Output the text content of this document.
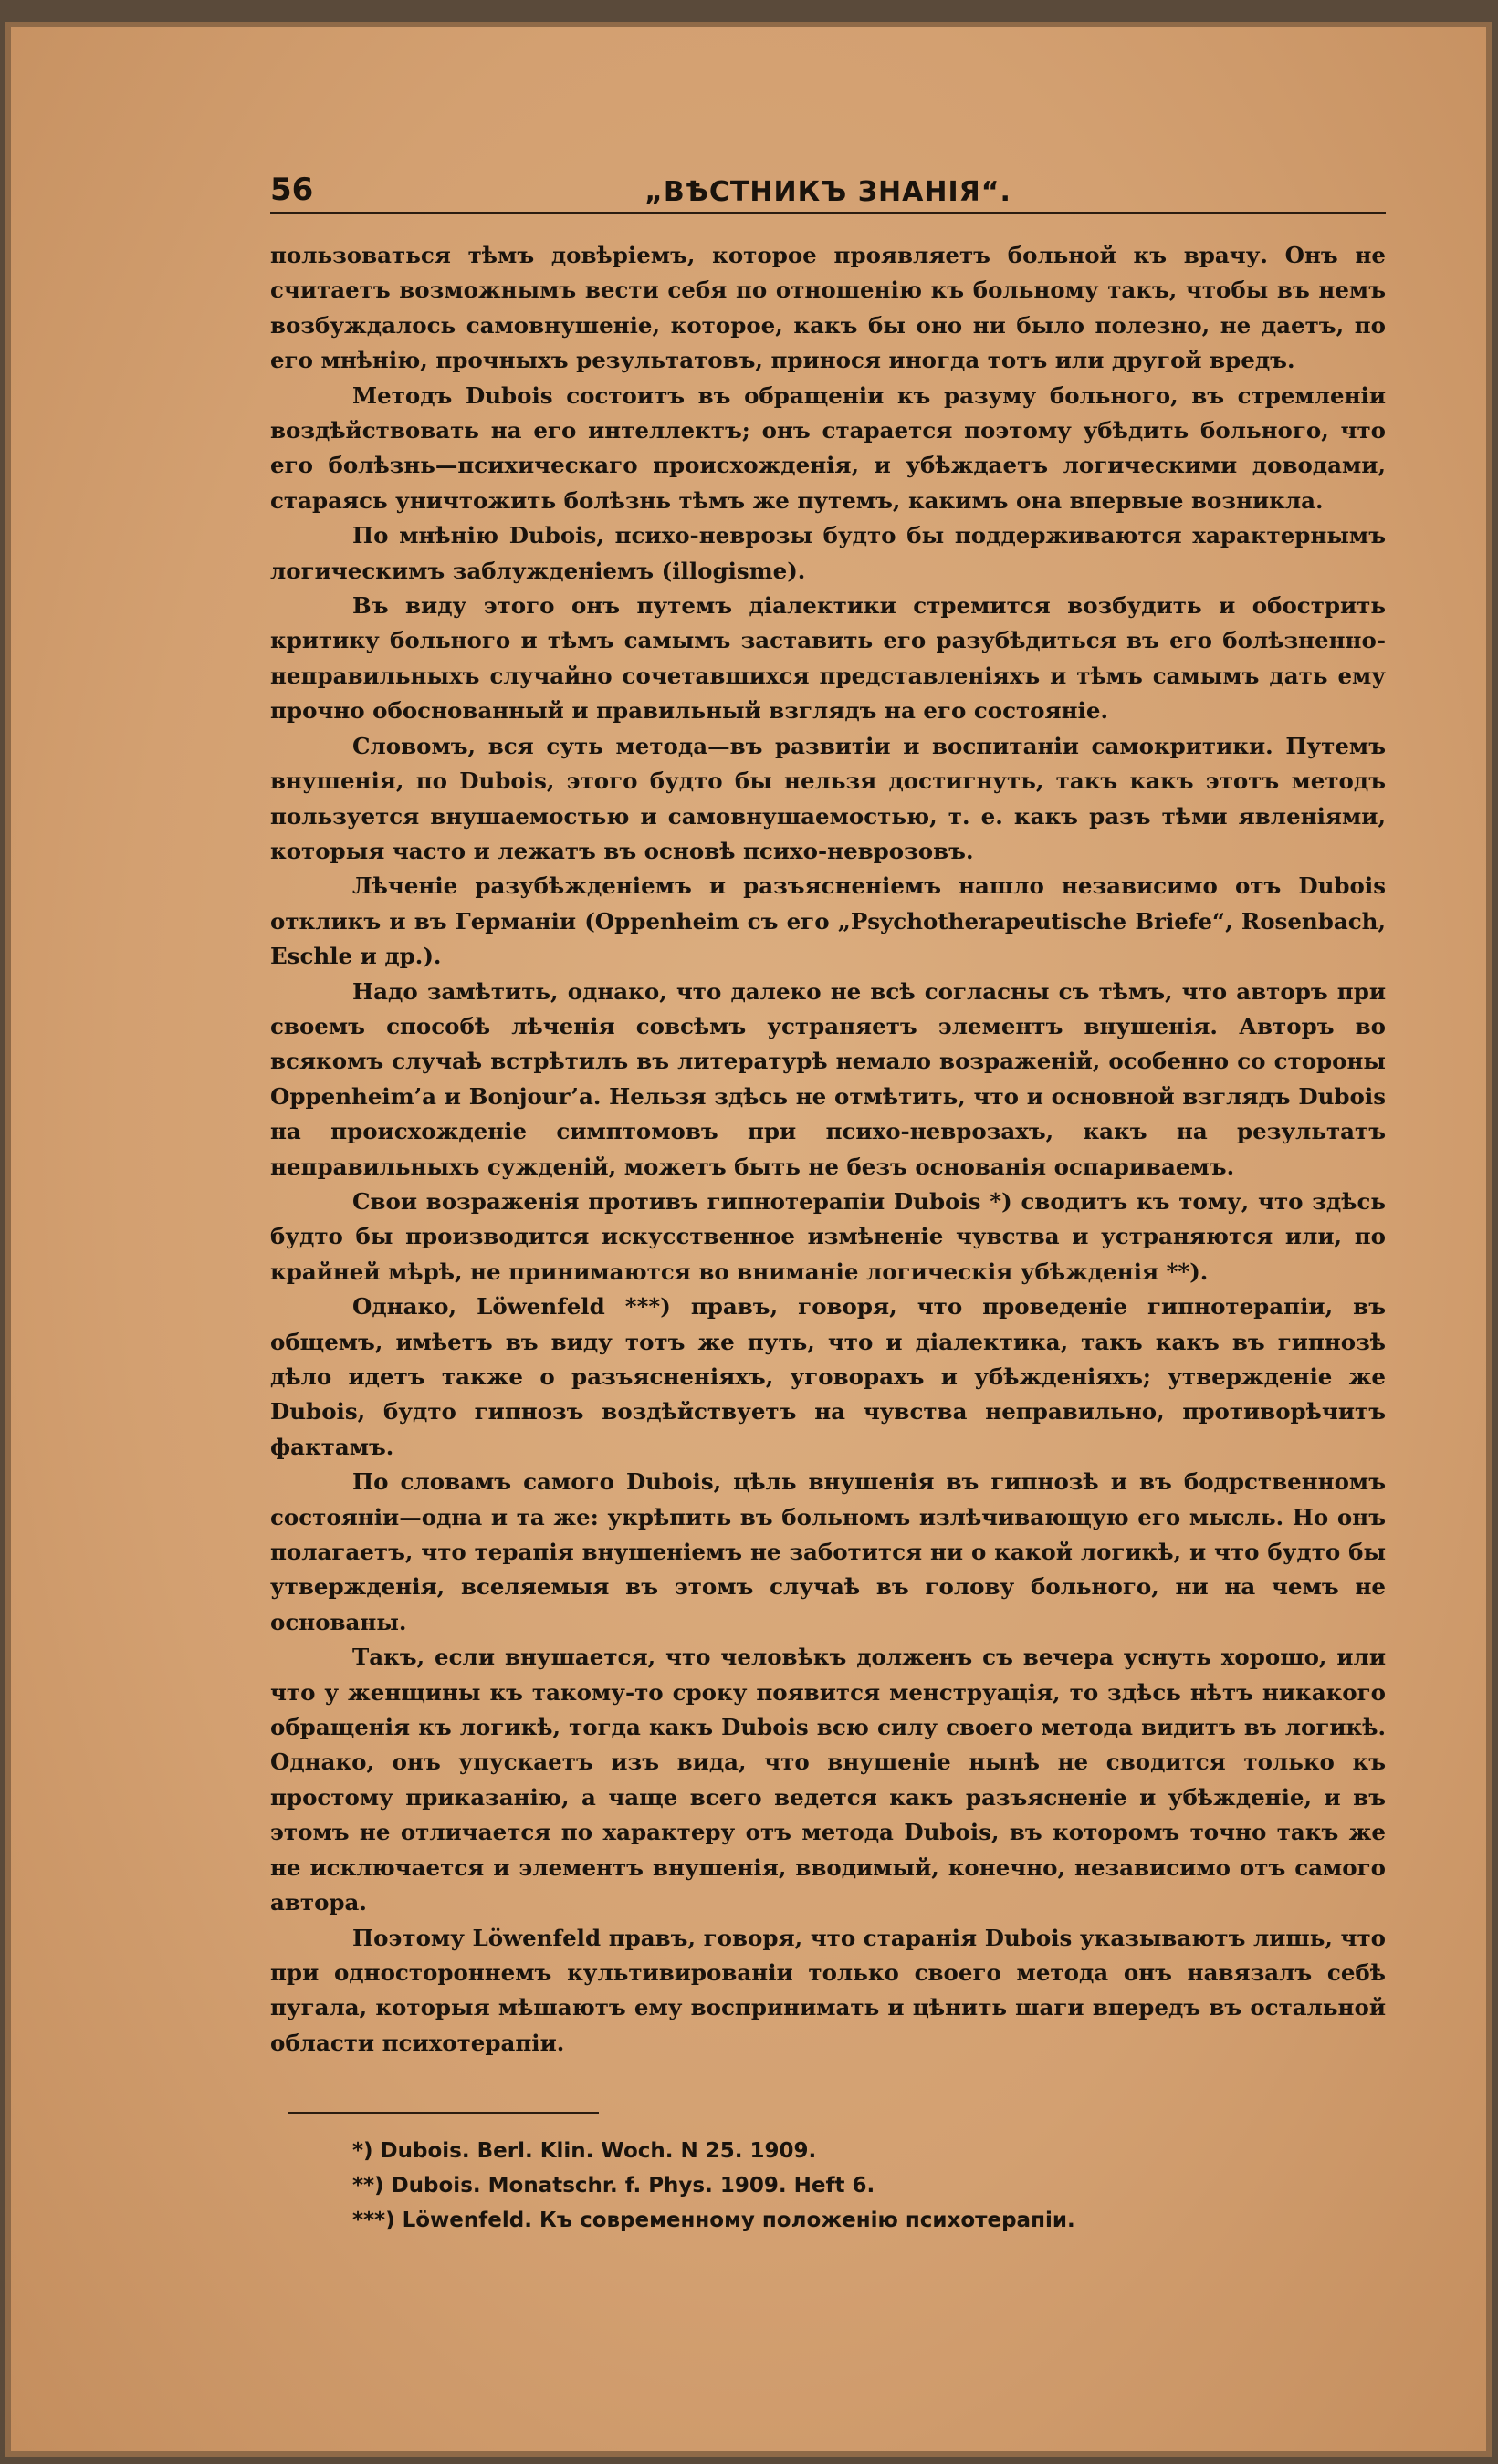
56	„ВѢСТНИКЪ ЗНАНІЯ“.

пользоваться тѣмъ довѣріемъ, которое проявляетъ больной къ врачу. Онъ не считаетъ возможнымъ вести себя по отношенію къ больному такъ, чтобы въ немъ возбуждалось самовнушеніе, которое, какъ бы оно ни было полезно, не даетъ, по его мнѣнію, прочныхъ результатовъ, принося иногда тотъ или другой вредъ.

Методъ Dubois состоитъ въ обращеніи къ разуму больного, въ стремленіи воздѣйствовать на его интеллектъ; онъ старается поэтому убѣдить больного, что его болѣзнь—психическаго происхожденія, и убѣждаетъ логическими доводами, стараясь уничтожить болѣзнь тѣмъ же путемъ, какимъ она впервые возникла.

По мнѣнію Dubois, психо-неврозы будто бы поддерживаются характернымъ логическимъ заблужденіемъ (illogisme).

Въ виду этого онъ путемъ діалектики стремится возбудить и обострить критику больного и тѣмъ самымъ заставить его разубѣдиться въ его болѣзненно-неправильныхъ случайно сочетавшихся представленіяхъ и тѣмъ самымъ дать ему прочно обоснованный и правильный взглядъ на его состояніе.

Словомъ, вся суть метода—въ развитіи и воспитаніи самокритики. Путемъ внушенія, по Dubois, этого будто бы нельзя достигнуть, такъ какъ этотъ методъ пользуется внушаемостью и самовнушаемостью, т. е. какъ разъ тѣми явленіями, которыя часто и лежатъ въ основѣ психо-неврозовъ.

Лѣченіе разубѣжденіемъ и разъясненіемъ нашло независимо отъ Dubois откликъ и въ Германіи (Oppenheim съ его „Psychotherapeutische Briefe“, Rosenbach, Eschle и др.).

Надо замѣтить, однако, что далеко не всѣ согласны съ тѣмъ, что авторъ при своемъ способѣ лѣченія совсѣмъ устраняетъ элементъ внушенія. Авторъ во всякомъ случаѣ встрѣтилъ въ литературѣ немало возраженій, особенно со стороны Oppenheim’а и Bonjour’а. Нельзя здѣсь не отмѣтить, что и основной взглядъ Dubois на происхожденіе симптомовъ при психо-неврозахъ, какъ на результатъ неправильныхъ сужденій, можетъ быть не безъ основанія оспариваемъ.

Свои возраженія противъ гипнотерапіи Dubois *) сводитъ къ тому, что здѣсь будто бы производится искусственное измѣненіе чувства и устраняются или, по крайней мѣрѣ, не принимаются во вниманіе логическія убѣжденія **).

Однако, Löwenfeld ***) правъ, говоря, что проведеніе гипнотерапіи, въ общемъ, имѣетъ въ виду тотъ же путь, что и діалектика, такъ какъ въ гипнозѣ дѣло идетъ также о разъясненіяхъ, уговорахъ и убѣжденіяхъ; утвержденіе же Dubois, будто гипнозъ воздѣйствуетъ на чувства неправильно, противорѣчитъ фактамъ.

По словамъ самого Dubois, цѣль внушенія въ гипнозѣ и въ бодрственномъ состояніи—одна и та же: укрѣпить въ больномъ излѣчивающую его мысль. Но онъ полагаетъ, что терапія внушеніемъ не заботится ни о какой логикѣ, и что будто бы утвержденія, вселяемыя въ этомъ случаѣ въ голову больного, ни на чемъ не основаны.

Такъ, если внушается, что человѣкъ долженъ съ вечера уснуть хорошо, или что у женщины къ такому-то сроку появится менструація, то здѣсь нѣтъ никакого обращенія къ логикѣ, тогда какъ Dubois всю силу своего метода видитъ въ логикѣ. Однако, онъ упускаетъ изъ вида, что внушеніе нынѣ не сводится только къ простому приказанію, а чаще всего ведется какъ разъясненіе и убѣжденіе, и въ этомъ не отличается по характеру отъ метода Dubois, въ которомъ точно такъ же не исключается и элементъ внушенія, вводимый, конечно, независимо отъ самого автора.

Поэтому Löwenfeld правъ, говоря, что старанія Dubois указываютъ лишь, что при одностороннемъ культивированіи только своего метода онъ навязалъ себѣ пугала, которыя мѣшаютъ ему воспринимать и цѣнить шаги впередъ въ остальной области психотерапіи.

*) Dubois. Berl. Klin. Woch. N 25. 1909.

**) Dubois. Monatschr. f. Phys. 1909. Heft 6.

***) Löwenfeld. Къ современному положенію психотерапіи.
